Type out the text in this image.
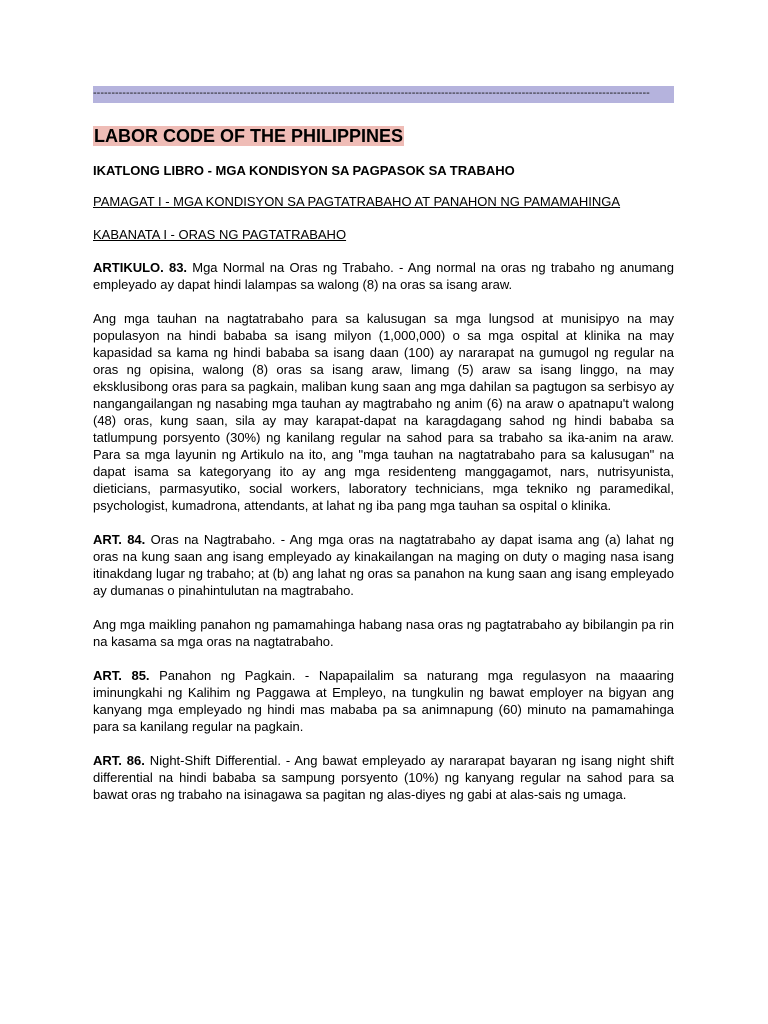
--------------------------------------------------------------------------------------------------------------------------------------------------------
LABOR CODE OF THE PHILIPPINES
IKATLONG LIBRO - MGA KONDISYON SA PAGPASOK SA TRABAHO
PAMAGAT I - MGA KONDISYON SA PAGTATRABAHO AT PANAHON NG PAMAMAHINGA
KABANATA I - ORAS NG PAGTATRABAHO

ARTIKULO. 83. Mga Normal na Oras ng Trabaho. - Ang normal na oras ng trabaho ng anumang empleyado ay dapat hindi lalampas sa walong (8) na oras sa isang araw.

Ang mga tauhan na nagtatrabaho para sa kalusugan sa mga lungsod at munisipyo na may populasyon na hindi bababa sa isang milyon (1,000,000) o sa mga ospital at klinika na may kapasidad sa kama ng hindi bababa sa isang daan (100) ay nararapat na gumugol ng regular na oras ng opisina, walong (8) oras sa isang araw, limang (5) araw sa isang linggo, na may eksklusibong oras para sa pagkain, maliban kung saan ang mga dahilan sa pagtugon sa serbisyo ay nangangailangan ng nasabing mga tauhan ay magtrabaho ng anim (6) na araw o apatnapu't walong (48) oras, kung saan, sila ay may karapat-dapat na karagdagang sahod ng hindi bababa sa tatlumpung porsyento (30%) ng kanilang regular na sahod para sa trabaho sa ika-anim na araw. Para sa mga layunin ng Artikulo na ito, ang "mga tauhan na nagtatrabaho para sa kalusugan" na dapat isama sa kategoryang ito ay ang mga residenteng manggagamot, nars, nutrisyunista, dieticians, parmasyutiko, social workers, laboratory technicians, mga tekniko ng paramedikal, psychologist, kumadrona, attendants, at lahat ng iba pang mga tauhan sa ospital o klinika.

ART. 84. Oras na Nagtrabaho. - Ang mga oras na nagtatrabaho ay dapat isama ang (a) lahat ng oras na kung saan ang isang empleyado ay kinakailangan na maging on duty o maging nasa isang itinakdang lugar ng trabaho; at (b) ang lahat ng oras sa panahon na kung saan ang isang empleyado ay dumanas o pinahintulutan na magtrabaho.

Ang mga maikling panahon ng pamamahinga habang nasa oras ng pagtatrabaho ay bibilangin pa rin na kasama sa mga oras na nagtatrabaho.

ART. 85. Panahon ng Pagkain. - Napapailalim sa naturang mga regulasyon na maaaring iminungkahi ng Kalihim ng Paggawa at Empleyo, na tungkulin ng bawat employer na bigyan ang kanyang mga empleyado ng hindi mas mababa pa sa animnapung (60) minuto na pamamahinga para sa kanilang regular na pagkain.

ART. 86. Night-Shift Differential. - Ang bawat empleyado ay nararapat bayaran ng isang night shift differential na hindi bababa sa sampung porsyento (10%) ng kanyang regular na sahod para sa bawat oras ng trabaho na isinagawa sa pagitan ng alas-diyes ng gabi at alas-sais ng umaga.
